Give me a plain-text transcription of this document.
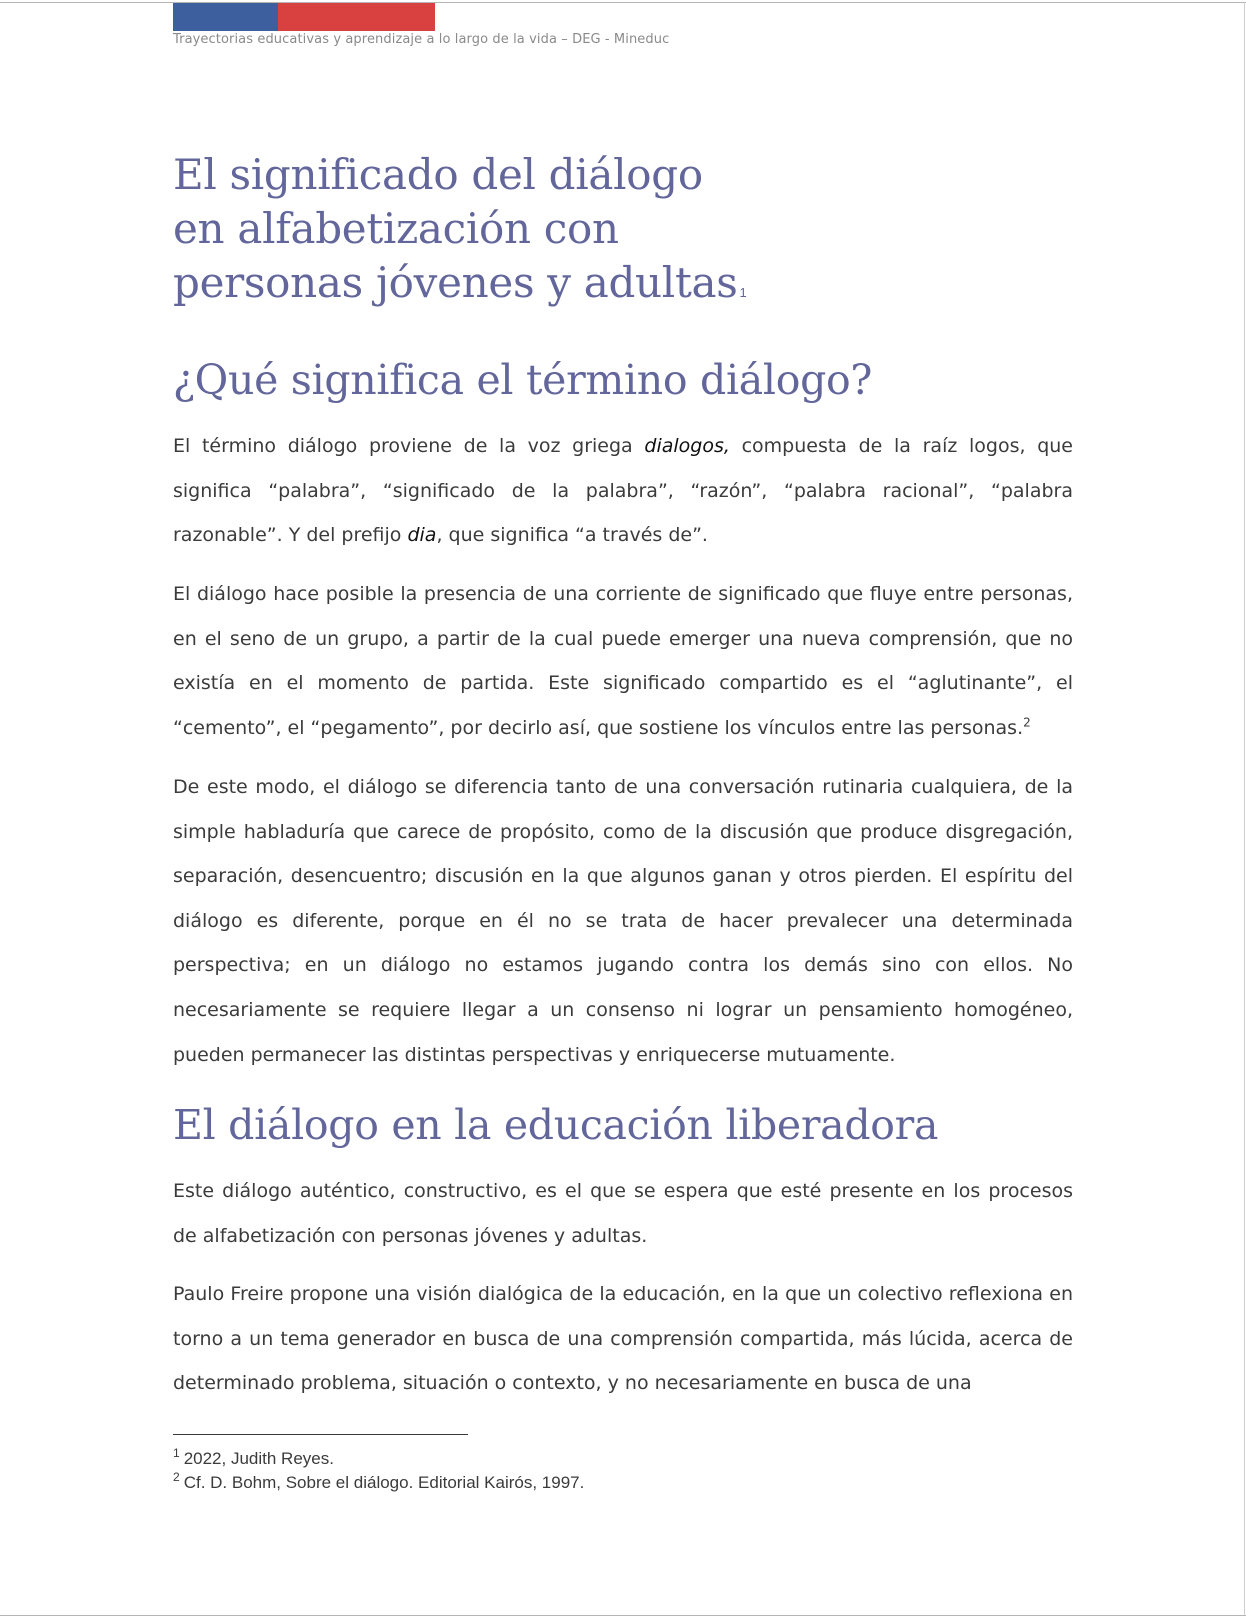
Trayectorias educativas y aprendizaje a lo largo de la vida – DEG - Mineduc
El significado del diálogo
en alfabetización con
personas jóvenes y adultas 1
¿Qué significa el término diálogo?

El término diálogo proviene de la voz griega dialogos, compuesta de la raíz logos, que significa “palabra”, “significado de la palabra”, “razón”, “palabra racional”, “palabra razonable”. Y del prefijo dia, que significa “a través de”.

El diálogo hace posible la presencia de una corriente de significado que fluye entre personas, en el seno de un grupo, a partir de la cual puede emerger una nueva comprensión, que no existía en el momento de partida. Este significado compartido es el “aglutinante”, el “cemento”, el “pegamento”, por decirlo así, que sostiene los vínculos entre las personas.$^2$

De este modo, el diálogo se diferencia tanto de una conversación rutinaria cualquiera, de la simple habladuría que carece de propósito, como de la discusión que produce disgregación, separación, desencuentro; discusión en la que algunos ganan y otros pierden. El espíritu del diálogo es diferente, porque en él no se trata de hacer prevalecer una determinada perspectiva; en un diálogo no estamos jugando contra los demás sino con ellos. No necesariamente se requiere llegar a un consenso ni lograr un pensamiento homogéneo, pueden permanecer las distintas perspectivas y enriquecerse mutuamente.

El diálogo en la educación liberadora

Este diálogo auténtico, constructivo, es el que se espera que esté presente en los procesos de alfabetización con personas jóvenes y adultas.

Paulo Freire propone una visión dialógica de la educación, en la que un colectivo reflexiona en torno a un tema generador en busca de una comprensión compartida, más lúcida, acerca de determinado problema, situación o contexto, y no necesariamente en busca de una

$^1$ 2022, Judith Reyes.
$^2$ Cf. D. Bohm, Sobre el diálogo. Editorial Kairós, 1997.
